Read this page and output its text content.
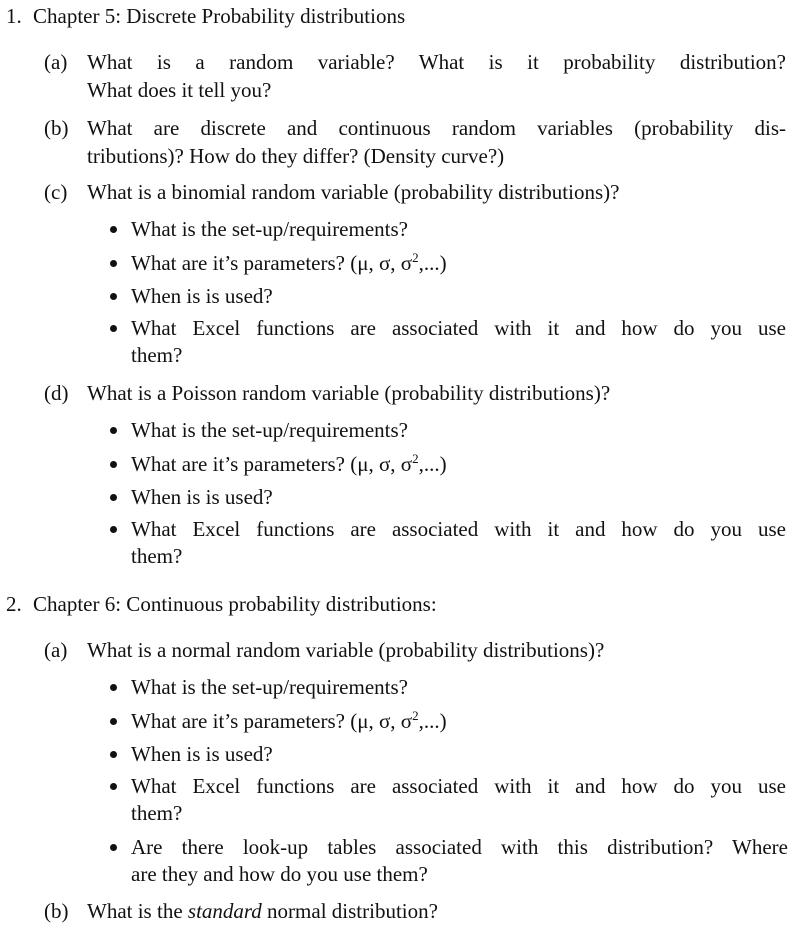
1. Chapter 5: Discrete Probability distributions
(a) What is a random variable? What is it probability distribution?
What does it tell you?
(b) What are discrete and continuous random variables (probability dis-
tributions)? How do they differ? (Density curve?)
(c) What is a binomial random variable (probability distributions)?
What is the set-up/requirements?
What are it’s parameters? (μ, σ, $\sigma^2$,...)
When is is used?
What Excel functions are associated with it and how do you use
them?
(d) What is a Poisson random variable (probability distributions)?
What is the set-up/requirements?
What are it’s parameters? (μ, σ, $\sigma^2$,...)
When is is used?
What Excel functions are associated with it and how do you use
them?
2. Chapter 6: Continuous probability distributions:
(a) What is a normal random variable (probability distributions)?
What is the set-up/requirements?
What are it’s parameters? (μ, σ, $\sigma^2$,...)
When is is used?
What Excel functions are associated with it and how do you use
them?
Are there look-up tables associated with this distribution? Where
are they and how do you use them?
(b) What is the standard normal distribution?
